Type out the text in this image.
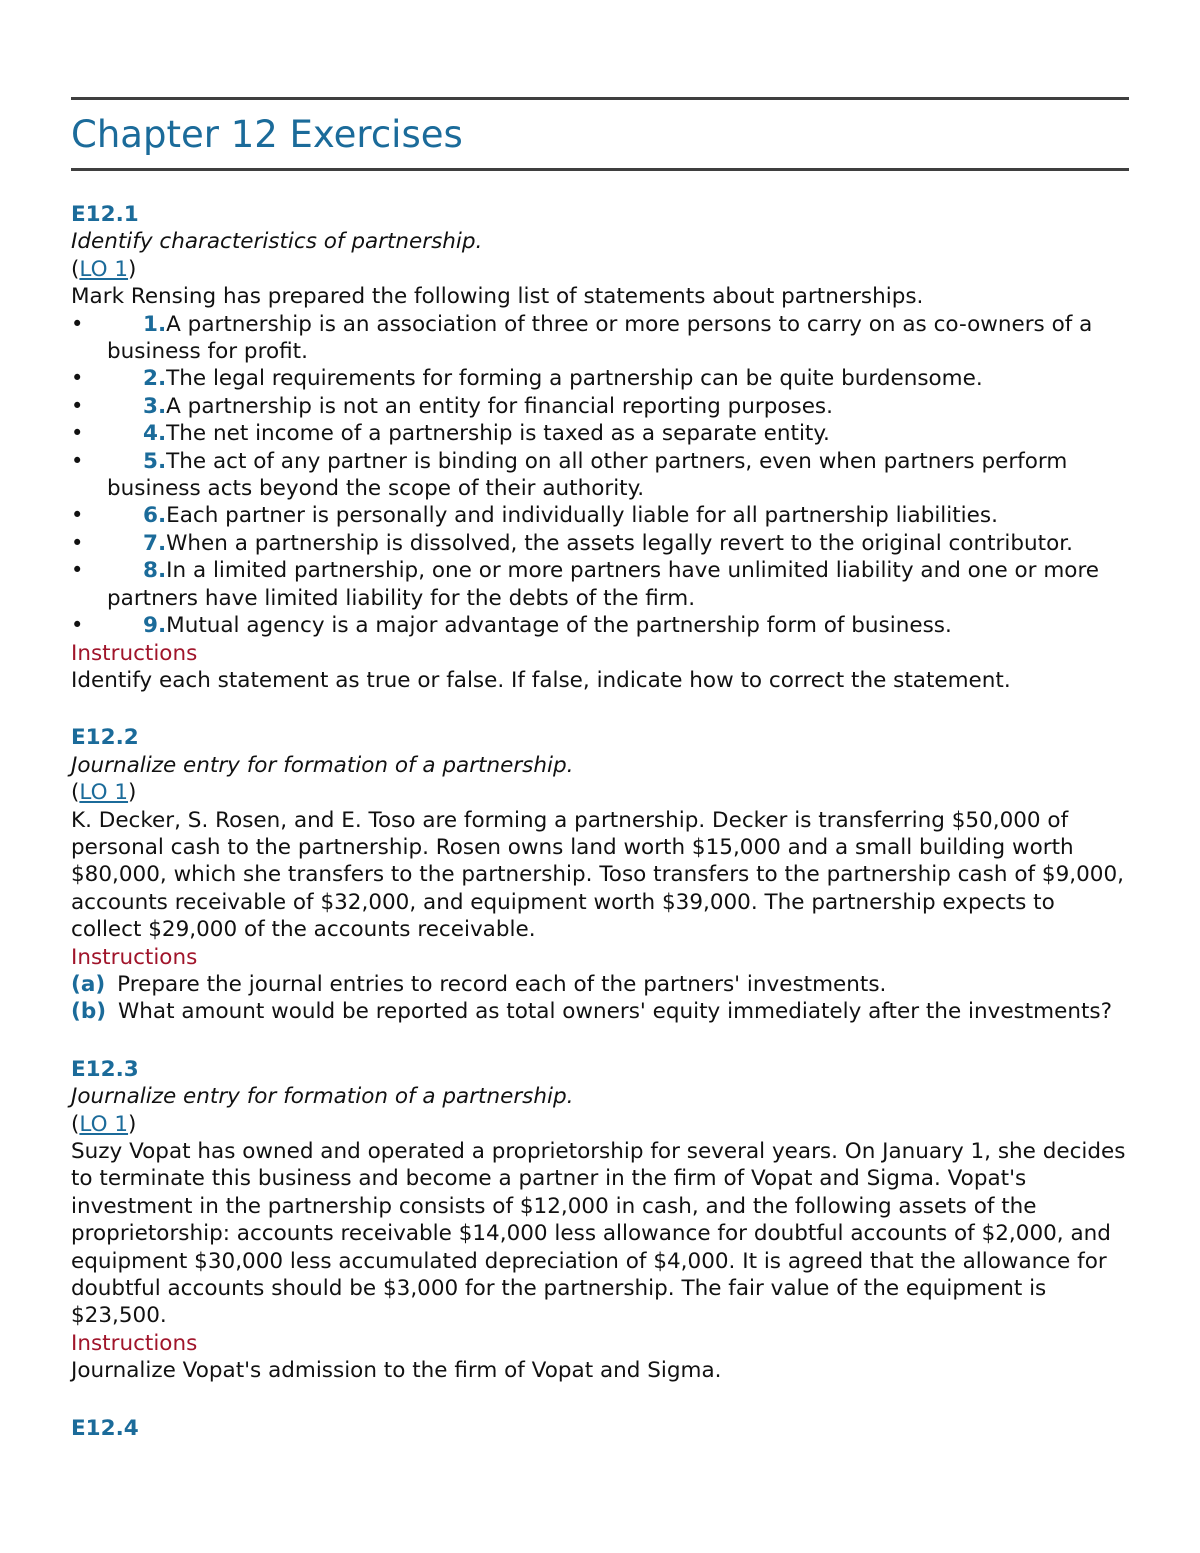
Chapter 12 Exercises
E12.1
Identify characteristics of partnership.
(LO 1)
Mark Rensing has prepared the following list of statements about partnerships.
• 1.A partnership is an association of three or more persons to carry on as co-owners of a business for profit.
• 2.The legal requirements for forming a partnership can be quite burdensome.
• 3.A partnership is not an entity for financial reporting purposes.
• 4.The net income of a partnership is taxed as a separate entity.
• 5.The act of any partner is binding on all other partners, even when partners perform business acts beyond the scope of their authority.
• 6.Each partner is personally and individually liable for all partnership liabilities.
• 7.When a partnership is dissolved, the assets legally revert to the original contributor.
• 8.In a limited partnership, one or more partners have unlimited liability and one or more partners have limited liability for the debts of the firm.
• 9.Mutual agency is a major advantage of the partnership form of business.
Instructions
Identify each statement as true or false. If false, indicate how to correct the statement.
E12.2
Journalize entry for formation of a partnership.
(LO 1)
K. Decker, S. Rosen, and E. Toso are forming a partnership. Decker is transferring $50,000 of personal cash to the partnership. Rosen owns land worth $15,000 and a small building worth $80,000, which she transfers to the partnership. Toso transfers to the partnership cash of $9,000, accounts receivable of $32,000, and equipment worth $39,000. The partnership expects to collect $29,000 of the accounts receivable.
Instructions
(a) Prepare the journal entries to record each of the partners' investments.
(b) What amount would be reported as total owners' equity immediately after the investments?
E12.3
Journalize entry for formation of a partnership.
(LO 1)
Suzy Vopat has owned and operated a proprietorship for several years. On January 1, she decides to terminate this business and become a partner in the firm of Vopat and Sigma. Vopat's investment in the partnership consists of $12,000 in cash, and the following assets of the proprietorship: accounts receivable $14,000 less allowance for doubtful accounts of $2,000, and equipment $30,000 less accumulated depreciation of $4,000. It is agreed that the allowance for doubtful accounts should be $3,000 for the partnership. The fair value of the equipment is $23,500.
Instructions
Journalize Vopat's admission to the firm of Vopat and Sigma.
E12.4
